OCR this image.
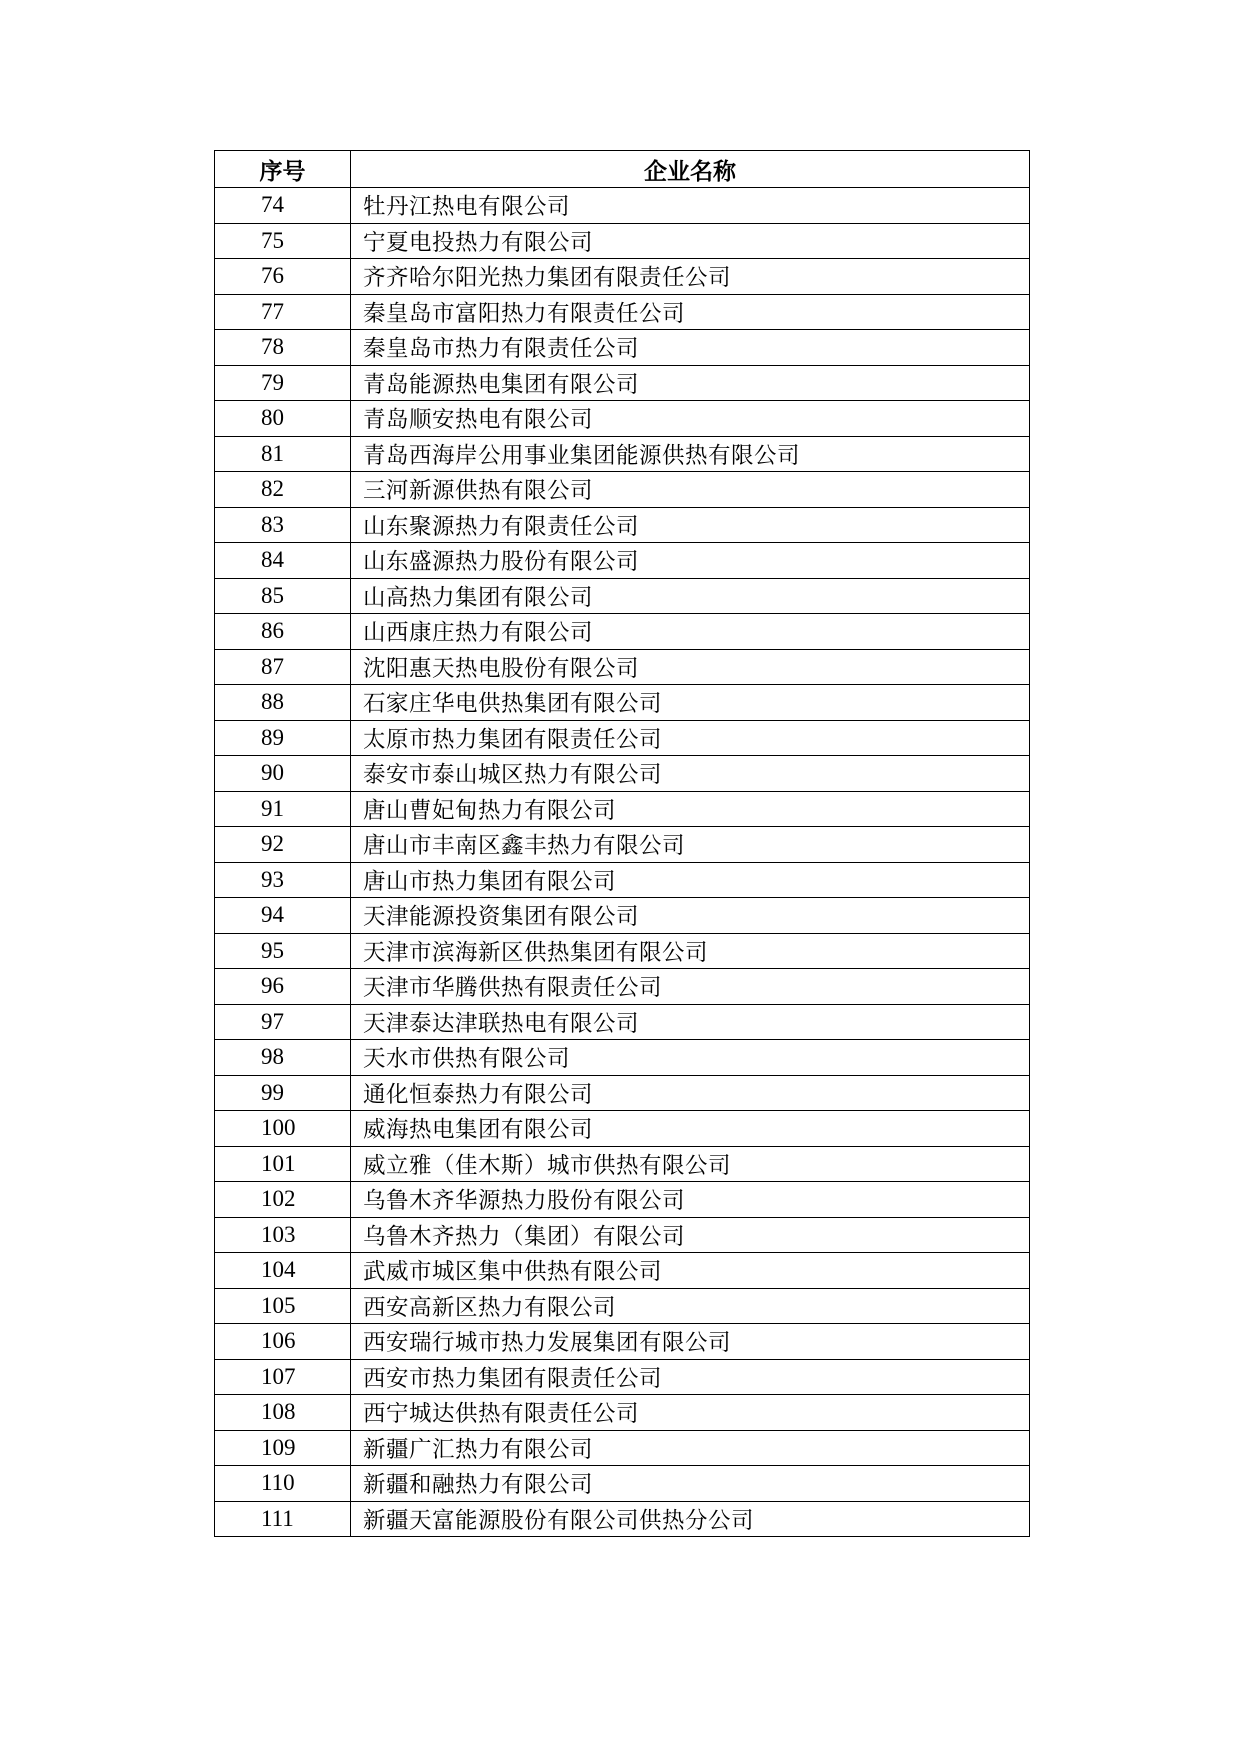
序号	企业名称
74	牡丹江热电有限公司
75	宁夏电投热力有限公司
76	齐齐哈尔阳光热力集团有限责任公司
77	秦皇岛市富阳热力有限责任公司
78	秦皇岛市热力有限责任公司
79	青岛能源热电集团有限公司
80	青岛顺安热电有限公司
81	青岛西海岸公用事业集团能源供热有限公司
82	三河新源供热有限公司
83	山东聚源热力有限责任公司
84	山东盛源热力股份有限公司
85	山高热力集团有限公司
86	山西康庄热力有限公司
87	沈阳惠天热电股份有限公司
88	石家庄华电供热集团有限公司
89	太原市热力集团有限责任公司
90	泰安市泰山城区热力有限公司
91	唐山曹妃甸热力有限公司
92	唐山市丰南区鑫丰热力有限公司
93	唐山市热力集团有限公司
94	天津能源投资集团有限公司
95	天津市滨海新区供热集团有限公司
96	天津市华腾供热有限责任公司
97	天津泰达津联热电有限公司
98	天水市供热有限公司
99	通化恒泰热力有限公司
100	威海热电集团有限公司
101	威立雅（佳木斯）城市供热有限公司
102	乌鲁木齐华源热力股份有限公司
103	乌鲁木齐热力（集团）有限公司
104	武威市城区集中供热有限公司
105	西安高新区热力有限公司
106	西安瑞行城市热力发展集团有限公司
107	西安市热力集团有限责任公司
108	西宁城达供热有限责任公司
109	新疆广汇热力有限公司
110	新疆和融热力有限公司
111	新疆天富能源股份有限公司供热分公司
